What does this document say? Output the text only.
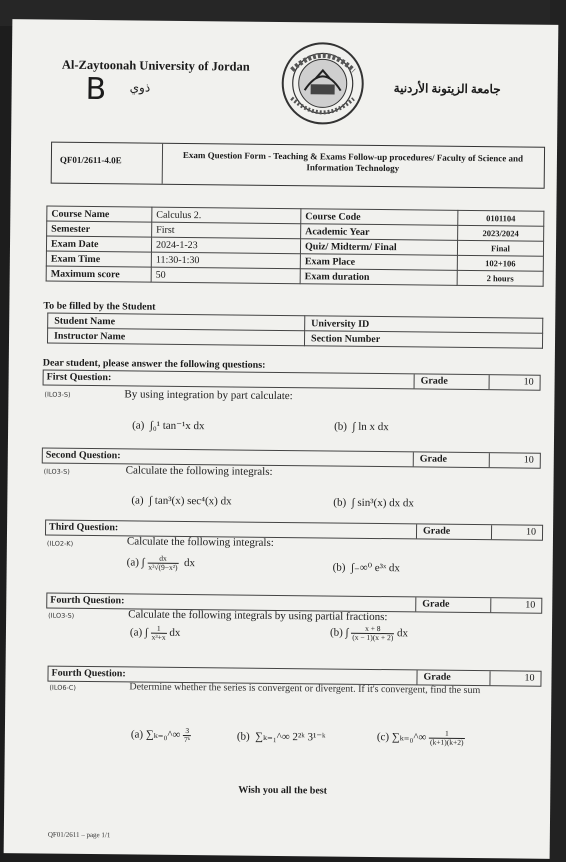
Al-Zaytoonah University of Jordan
B ذوي	جامعة الزيتونة الأردنية
QF01/2611-4.0E	Exam Question Form - Teaching & Exams Follow-up procedures/ Faculty of Science and Information Technology
Course Name	Calculus 2.	Course Code	0101104
Semester	First	Academic Year	2023/2024
Exam Date	2024-1-23	Quiz/ Midterm/ Final	Final
Exam Time	11:30-1:30	Exam Place	102+106
Maximum score	50	Exam duration	2 hours
To be filled by the Student
Student Name	University ID
Instructor Name	Section Number
Dear student, please answer the following questions:
First Question:	Grade	10
(ILO3-S)	By using integration by part calculate:
(a) ∫₀¹ tan⁻¹x dx	(b) ∫ ln x dx
Second Question:	Grade	10
(ILO3-S)	Calculate the following integrals:
(a) ∫ tan³(x) sec⁴(x) dx	(b) ∫ sin³(x) dx dx
Third Question:	Grade	10
(ILO2-K)	Calculate the following integrals:
(a) ∫ $\frac{dx}{\text{x²√(9−x²)}}$ dx	(b) ∫₋∞⁰ e³ˣ dx
Fourth Question:	Grade	10
(ILO3-S)	Calculate the following integrals by using partial fractions:
(a) ∫ $\frac{1}{\text{x³+x}}$ dx	(b) ∫ $\frac{x + 8}{(x - 1)(x + 2)}$ dx
Fourth Question:	Grade	10
(ILO6-C)	Determine whether the series is convergent or divergent. If it's convergent, find the sum
(a) ∑ₖ₌₀^∞ $\frac{3}{\text{7ᵏ}}$	(b) ∑ₖ₌₁^∞ 2²ᵏ 3¹⁻ᵏ	(c) ∑ₖ₌₀^∞ $\frac{1}{(k+1)(k+2)}$
Wish you all the best
QF01/2611 – page 1/1
